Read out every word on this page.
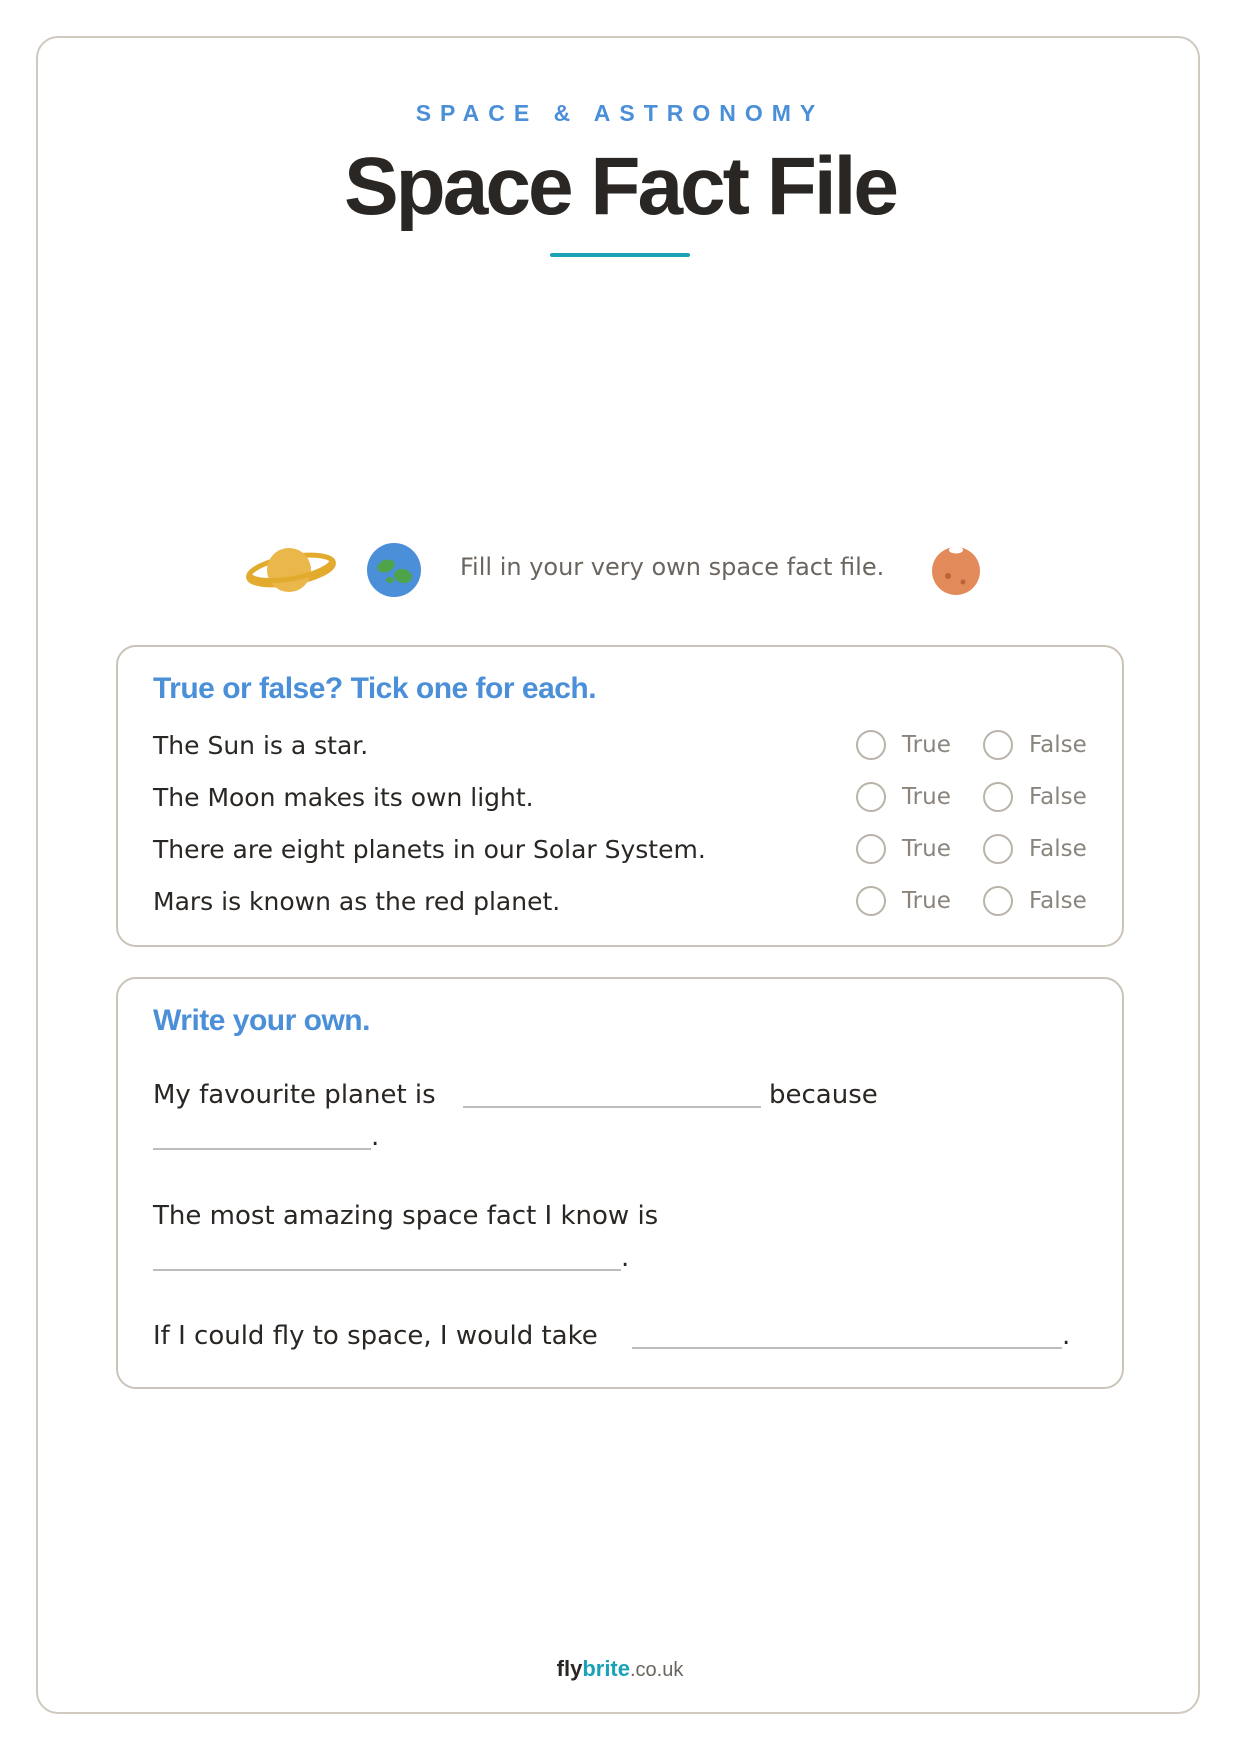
SPACE & ASTRONOMY
Space Fact File
Fill in your very own space fact file.
True or false? Tick one for each.
The Sun is a star.	True	False
The Moon makes its own light.	True	False
There are eight planets in our Solar System.	True	False
Mars is known as the red planet.	True	False
Write your own.
My favourite planet is	because
.
The most amazing space fact I know is
.
If I could fly to space, I would take	.
flybrite.co.uk
